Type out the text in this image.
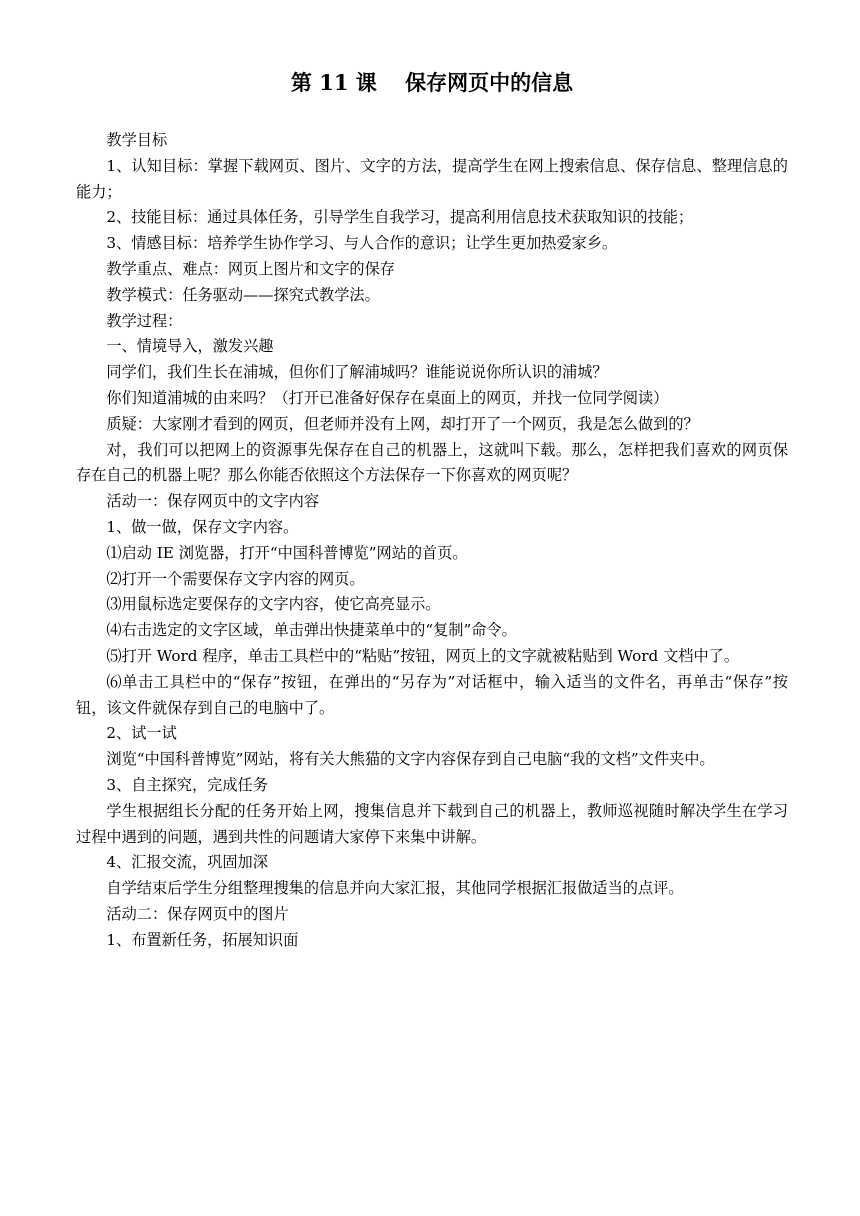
第 11 课　 保存网页中的信息

教学目标

1、认知目标：掌握下载网页、图片、文字的方法，提高学生在网上搜索信息、保存信息、整理信息的能力；

2、技能目标：通过具体任务，引导学生自我学习，提高利用信息技术获取知识的技能；

3、情感目标：培养学生协作学习、与人合作的意识；让学生更加热爱家乡。

教学重点、难点：网页上图片和文字的保存

教学模式：任务驱动——探究式教学法。

教学过程：

一、情境导入，激发兴趣

同学们，我们生长在浦城，但你们了解浦城吗？谁能说说你所认识的浦城？

你们知道浦城的由来吗？（打开已准备好保存在桌面上的网页，并找一位同学阅读）

质疑：大家刚才看到的网页，但老师并没有上网，却打开了一个网页，我是怎么做到的？

对，我们可以把网上的资源事先保存在自己的机器上，这就叫下载。那么，怎样把我们喜欢的网页保存在自己的机器上呢？那么你能否依照这个方法保存一下你喜欢的网页呢？

活动一：保存网页中的文字内容

1、做一做，保存文字内容。

⑴启动 IE 浏览器，打开“中国科普博览”网站的首页。

⑵打开一个需要保存文字内容的网页。

⑶用鼠标选定要保存的文字内容，使它高亮显示。

⑷右击选定的文字区域，单击弹出快捷菜单中的“复制”命令。

⑸打开 Word 程序，单击工具栏中的“粘贴”按钮，网页上的文字就被粘贴到 Word 文档中了。

⑹单击工具栏中的“保存”按钮，在弹出的“另存为”对话框中，输入适当的文件名，再单击“保存”按钮，该文件就保存到自己的电脑中了。

2、试一试

浏览“中国科普博览”网站，将有关大熊猫的文字内容保存到自己电脑“我的文档”文件夹中。

3、自主探究，完成任务

学生根据组长分配的任务开始上网，搜集信息并下载到自己的机器上，教师巡视随时解决学生在学习过程中遇到的问题，遇到共性的问题请大家停下来集中讲解。

4、汇报交流，巩固加深

自学结束后学生分组整理搜集的信息并向大家汇报，其他同学根据汇报做适当的点评。

活动二：保存网页中的图片

1、布置新任务，拓展知识面
